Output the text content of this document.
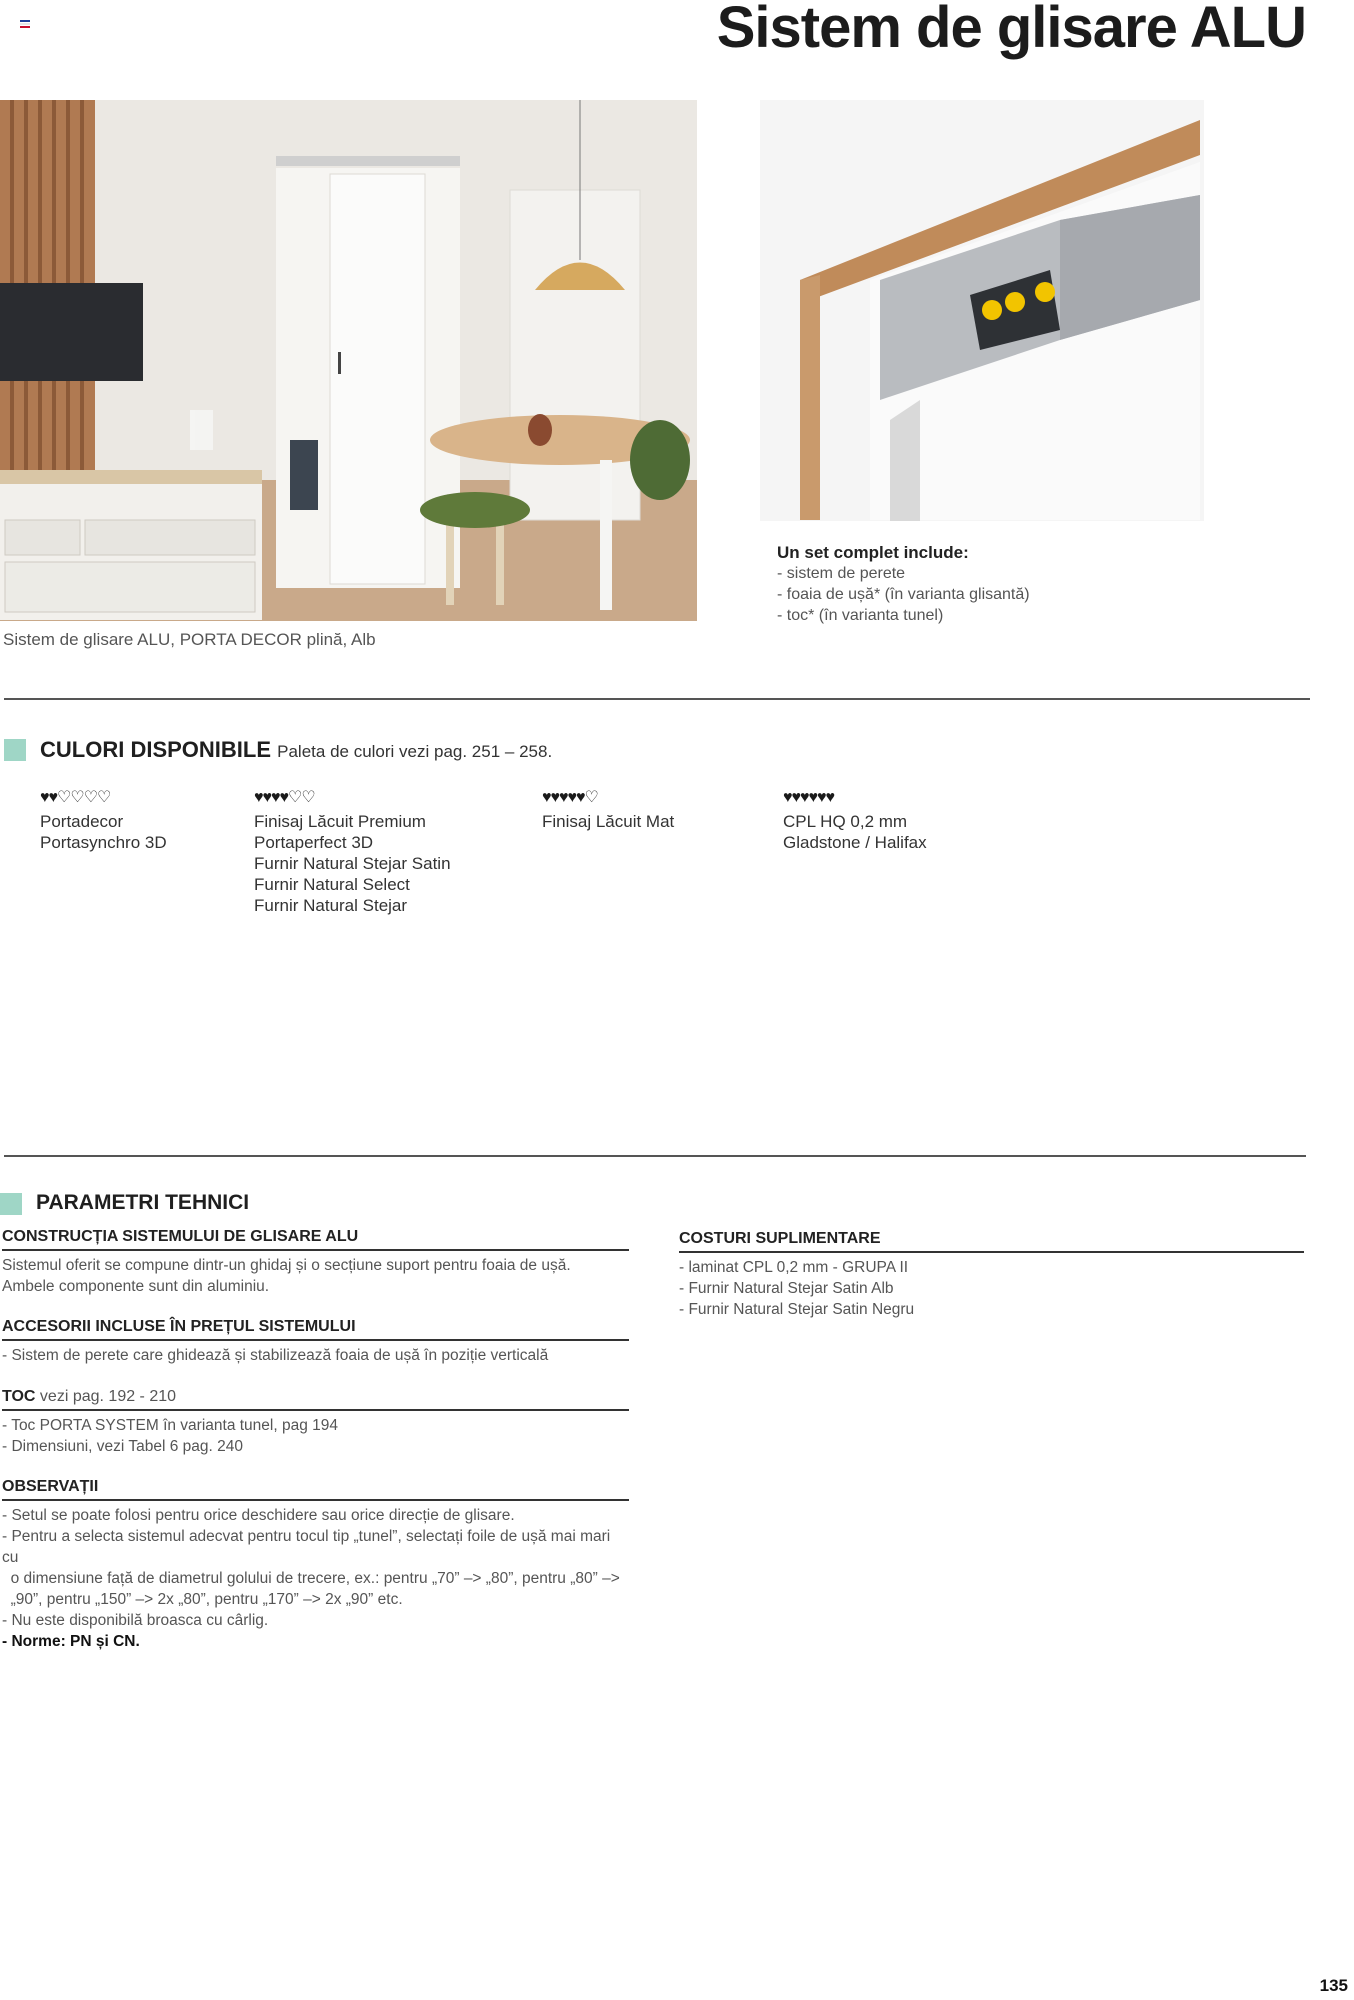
Sistem de glisare ALU
Sistem de glisare ALU, PORTA DECOR plină, Alb
Un set complet include:
- sistem de perete
- foaia de ușă* (în varianta glisantă)
- toc* (în varianta tunel)
CULORI DISPONIBILE Paleta de culori vezi pag. 251 – 258.
♥♥♡♡♡♡
Portadecor
Portasynchro 3D
♥♥♥♥♡♡
Finisaj Lăcuit Premium
Portaperfect 3D
Furnir Natural Stejar Satin
Furnir Natural Select
Furnir Natural Stejar
♥♥♥♥♥♡
Finisaj Lăcuit Mat
♥♥♥♥♥♥
CPL HQ 0,2 mm
Gladstone / Halifax
PARAMETRI TEHNICI
CONSTRUCȚIA SISTEMULUI DE GLISARE ALU
Sistemul oferit se compune dintr-un ghidaj și o secțiune suport pentru foaia de ușă.
Ambele componente sunt din aluminiu.
ACCESORII INCLUSE ÎN PREȚUL SISTEMULUI
- Sistem de perete care ghidează și stabilizează foaia de ușă în poziție verticală
TOC vezi pag. 192 - 210
- Toc PORTA SYSTEM în varianta tunel, pag 194
- Dimensiuni, vezi Tabel 6 pag. 240
OBSERVAȚII
- Setul se poate folosi pentru orice deschidere sau orice direcție de glisare.
- Pentru a selecta sistemul adecvat pentru tocul tip „tunel”, selectați foile de ușă mai mari cu
o dimensiune față de diametrul golului de trecere, ex.: pentru „70” –> „80”, pentru „80” –>
„90”, pentru „150” –> 2x „80”, pentru „170” –> 2x „90” etc.
- Nu este disponibilă broasca cu cârlig.
- Norme: PN și CN.
COSTURI SUPLIMENTARE
- laminat CPL 0,2 mm - GRUPA II
- Furnir Natural Stejar Satin Alb
- Furnir Natural Stejar Satin Negru
135
